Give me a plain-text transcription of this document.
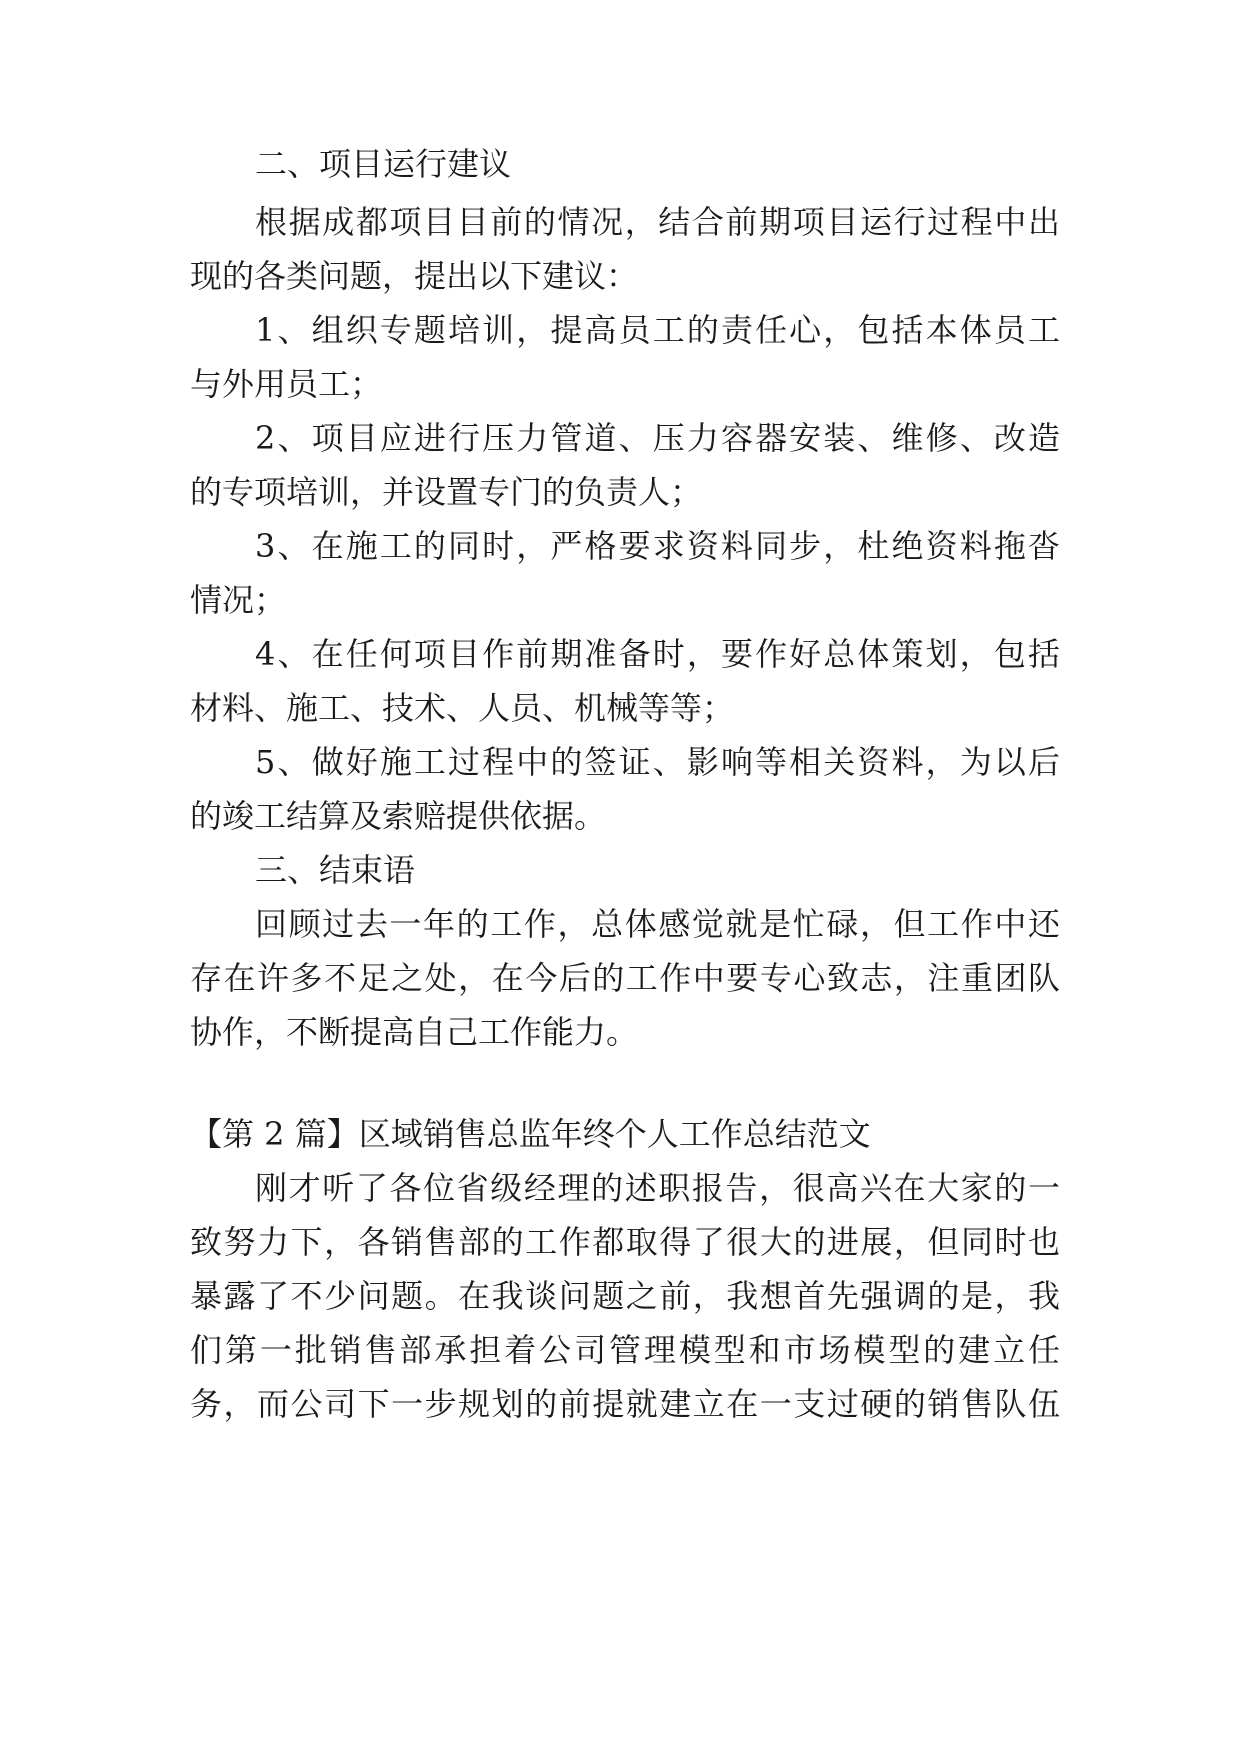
二、项目运行建议
根据成都项目目前的情况，结合前期项目运行过程中出
现的各类问题，提出以下建议：
1、组织专题培训，提高员工的责任心，包括本体员工
与外用员工；
2、项目应进行压力管道、压力容器安装、维修、改造
的专项培训，并设置专门的负责人；
3、在施工的同时，严格要求资料同步，杜绝资料拖沓
情况；
4、在任何项目作前期准备时，要作好总体策划，包括
材料、施工、技术、人员、机械等等；
5、做好施工过程中的签证、影响等相关资料，为以后
的竣工结算及索赔提供依据。
三、结束语
回顾过去一年的工作，总体感觉就是忙碌，但工作中还
存在许多不足之处，在今后的工作中要专心致志，注重团队
协作，不断提高自己工作能力。
【第 2 篇】区域销售总监年终个人工作总结范文
刚才听了各位省级经理的述职报告，很高兴在大家的一
致努力下，各销售部的工作都取得了很大的进展，但同时也
暴露了不少问题。在我谈问题之前，我想首先强调的是，我
们第一批销售部承担着公司管理模型和市场模型的建立任
务，而公司下一步规划的前提就建立在一支过硬的销售队伍
